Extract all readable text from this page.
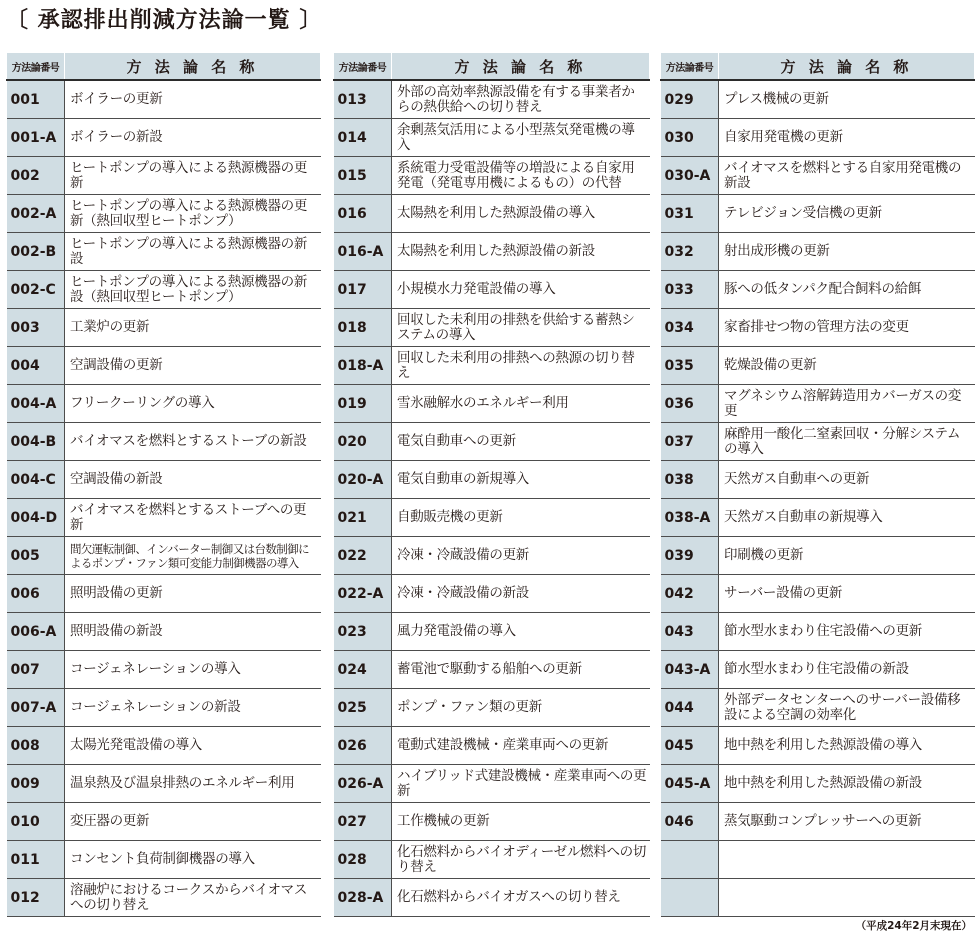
〔 承認排出削減方法論一覧 〕
方法論番号	方 法 論 名 称
001	ボイラーの更新
001-A	ボイラーの新設
002	ヒートポンプの導入による熱源機器の更新
002-A	ヒートポンプの導入による熱源機器の更新（熱回収型ヒートポンプ）
002-B	ヒートポンプの導入による熱源機器の新設
002-C	ヒートポンプの導入による熱源機器の新設（熱回収型ヒートポンプ）
003	工業炉の更新
004	空調設備の更新
004-A	フリークーリングの導入
004-B	バイオマスを燃料とするストーブの新設
004-C	空調設備の新設
004-D	バイオマスを燃料とするストーブへの更新
005	間欠運転制御、インバーター制御又は台数制御によるポンプ・ファン類可変能力制御機器の導入
006	照明設備の更新
006-A	照明設備の新設
007	コージェネレーションの導入
007-A	コージェネレーションの新設
008	太陽光発電設備の導入
009	温泉熱及び温泉排熱のエネルギー利用
010	変圧器の更新
011	コンセント負荷制御機器の導入
012	溶融炉におけるコークスからバイオマスへの切り替え
方法論番号	方 法 論 名 称
013	外部の高効率熱源設備を有する事業者からの熱供給への切り替え
014	余剰蒸気活用による小型蒸気発電機の導入
015	系統電力受電設備等の増設による自家用発電（発電専用機によるもの）の代替
016	太陽熱を利用した熱源設備の導入
016-A	太陽熱を利用した熱源設備の新設
017	小規模水力発電設備の導入
018	回収した未利用の排熱を供給する蓄熱システムの導入
018-A	回収した未利用の排熱への熱源の切り替え
019	雪氷融解水のエネルギー利用
020	電気自動車への更新
020-A	電気自動車の新規導入
021	自動販売機の更新
022	冷凍・冷蔵設備の更新
022-A	冷凍・冷蔵設備の新設
023	風力発電設備の導入
024	蓄電池で駆動する船舶への更新
025	ポンプ・ファン類の更新
026	電動式建設機械・産業車両への更新
026-A	ハイブリッド式建設機械・産業車両への更新
027	工作機械の更新
028	化石燃料からバイオディーゼル燃料への切り替え
028-A	化石燃料からバイオガスへの切り替え
方法論番号	方 法 論 名 称
029	プレス機械の更新
030	自家用発電機の更新
030-A	バイオマスを燃料とする自家用発電機の新設
031	テレビジョン受信機の更新
032	射出成形機の更新
033	豚への低タンパク配合飼料の給餌
034	家畜排せつ物の管理方法の変更
035	乾燥設備の更新
036	マグネシウム溶解鋳造用カバーガスの変更
037	麻酔用一酸化二窒素回収・分解システムの導入
038	天然ガス自動車への更新
038-A	天然ガス自動車の新規導入
039	印刷機の更新
042	サーバー設備の更新
043	節水型水まわり住宅設備への更新
043-A	節水型水まわり住宅設備の新設
044	外部データセンターへのサーバー設備移設による空調の効率化
045	地中熱を利用した熱源設備の導入
045-A	地中熱を利用した熱源設備の新設
046	蒸気駆動コンプレッサーへの更新

（平成24年2月末現在）
